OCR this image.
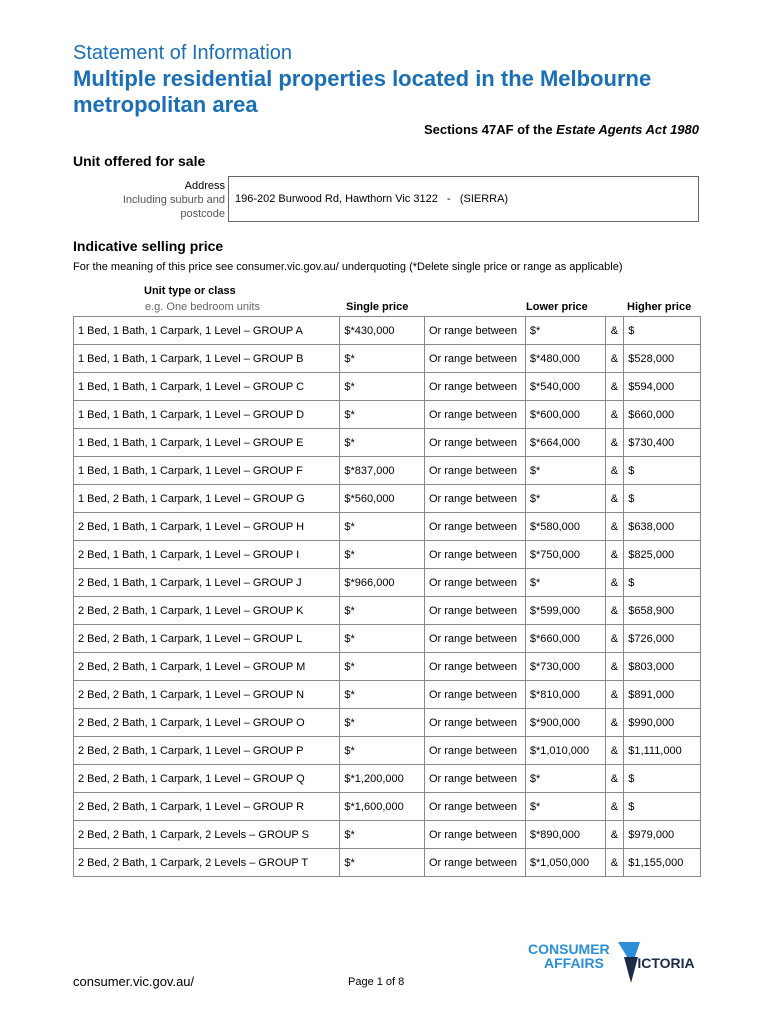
Statement of Information
Multiple residential properties located in the Melbourne metropolitan area
Sections 47AF of the Estate Agents Act 1980
Unit offered for sale
Address
Including suburb and
postcode
196-202 Burwood Rd, Hawthorn Vic 3122   -   (SIERRA)
Indicative selling price
For the meaning of this price see consumer.vic.gov.au/ underquoting (*Delete single price or range as applicable)
Unit type or class
e.g. One bedroom units	Single price	Lower price	Higher price
1 Bed, 1 Bath, 1 Carpark, 1 Level – GROUP A	$*430,000	Or range between	$*	&	$
1 Bed, 1 Bath, 1 Carpark, 1 Level – GROUP B	$*	Or range between	$*480,000	&	$528,000
1 Bed, 1 Bath, 1 Carpark, 1 Level – GROUP C	$*	Or range between	$*540,000	&	$594,000
1 Bed, 1 Bath, 1 Carpark, 1 Level – GROUP D	$*	Or range between	$*600,000	&	$660,000
1 Bed, 1 Bath, 1 Carpark, 1 Level – GROUP E	$*	Or range between	$*664,000	&	$730,400
1 Bed, 1 Bath, 1 Carpark, 1 Level – GROUP F	$*837,000	Or range between	$*	&	$
1 Bed, 2 Bath, 1 Carpark, 1 Level – GROUP G	$*560,000	Or range between	$*	&	$
2 Bed, 1 Bath, 1 Carpark, 1 Level – GROUP H	$*	Or range between	$*580,000	&	$638,000
2 Bed, 1 Bath, 1 Carpark, 1 Level – GROUP I	$*	Or range between	$*750,000	&	$825,000
2 Bed, 1 Bath, 1 Carpark, 1 Level – GROUP J	$*966,000	Or range between	$*	&	$
2 Bed, 2 Bath, 1 Carpark, 1 Level – GROUP K	$*	Or range between	$*599,000	&	$658,900
2 Bed, 2 Bath, 1 Carpark, 1 Level – GROUP L	$*	Or range between	$*660,000	&	$726,000
2 Bed, 2 Bath, 1 Carpark, 1 Level – GROUP M	$*	Or range between	$*730,000	&	$803,000
2 Bed, 2 Bath, 1 Carpark, 1 Level – GROUP N	$*	Or range between	$*810,000	&	$891,000
2 Bed, 2 Bath, 1 Carpark, 1 Level – GROUP O	$*	Or range between	$*900,000	&	$990,000
2 Bed, 2 Bath, 1 Carpark, 1 Level – GROUP P	$*	Or range between	$*1,010,000	&	$1,111,000
2 Bed, 2 Bath, 1 Carpark, 1 Level – GROUP Q	$*1,200,000	Or range between	$*	&	$
2 Bed, 2 Bath, 1 Carpark, 1 Level – GROUP R	$*1,600,000	Or range between	$*	&	$
2 Bed, 2 Bath, 1 Carpark, 2 Levels – GROUP S	$*	Or range between	$*890,000	&	$979,000
2 Bed, 2 Bath, 1 Carpark, 2 Levels – GROUP T	$*	Or range between	$*1,050,000	&	$1,155,000
consumer.vic.gov.au/	Page 1 of 8
CONSUMER
AFFAIRS VICTORIA
